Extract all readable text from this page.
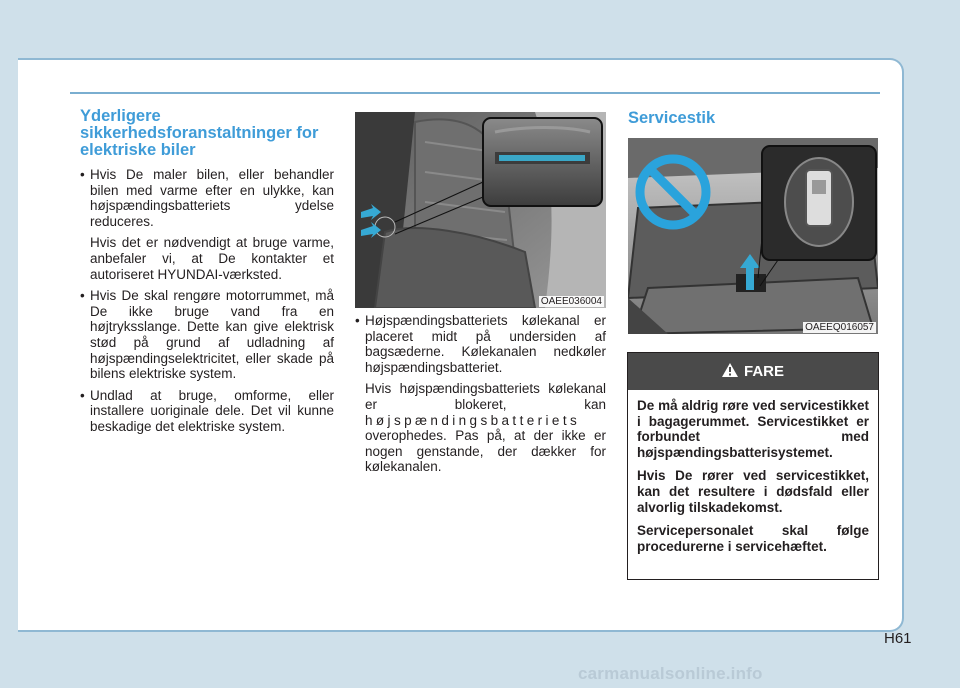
Yderligere sikkerhedsforanstaltninger for elektriske biler

• Hvis De maler bilen, eller behandler bilen med varme efter en ulykke, kan højspændingsbatteriets ydelse reduceres.

Hvis det er nødvendigt at bruge varme, anbefaler vi, at De kontakter et autoriseret HYUNDAI-værksted.

• Hvis De skal rengøre motorrummet, må De ikke bruge vand fra en højtryksslange. Dette kan give elektrisk stød på grund af udladning af højspændingselektricitet, eller skade på bilens elektriske system.

• Undlad at bruge, omforme, eller installere uoriginale dele. Det vil kunne beskadige det elektriske system.

OAEE036004

• Højspændingsbatteriets kølekanal er placeret midt på undersiden af bagsæderne. Kølekanalen nedkøler højspændingsbatteriet.

Hvis højspændingsbatteriets kølekanal er blokeret, kan højspændingsbatteriets overophedes. Pas på, at der ikke er nogen genstande, der dækker for kølekanalen.

Servicestik
OAEEQ016057
FARE

De må aldrig røre ved servicestikket i bagagerummet. Servicestikket er forbundet med højspændingsbatterisystemet.

Hvis De rører ved servicestikket, kan det resultere i dødsfald eller alvorlig tilskadekomst.

Servicepersonalet skal følge procedurerne i servicehæftet.

H61
carmanualsonline.info
